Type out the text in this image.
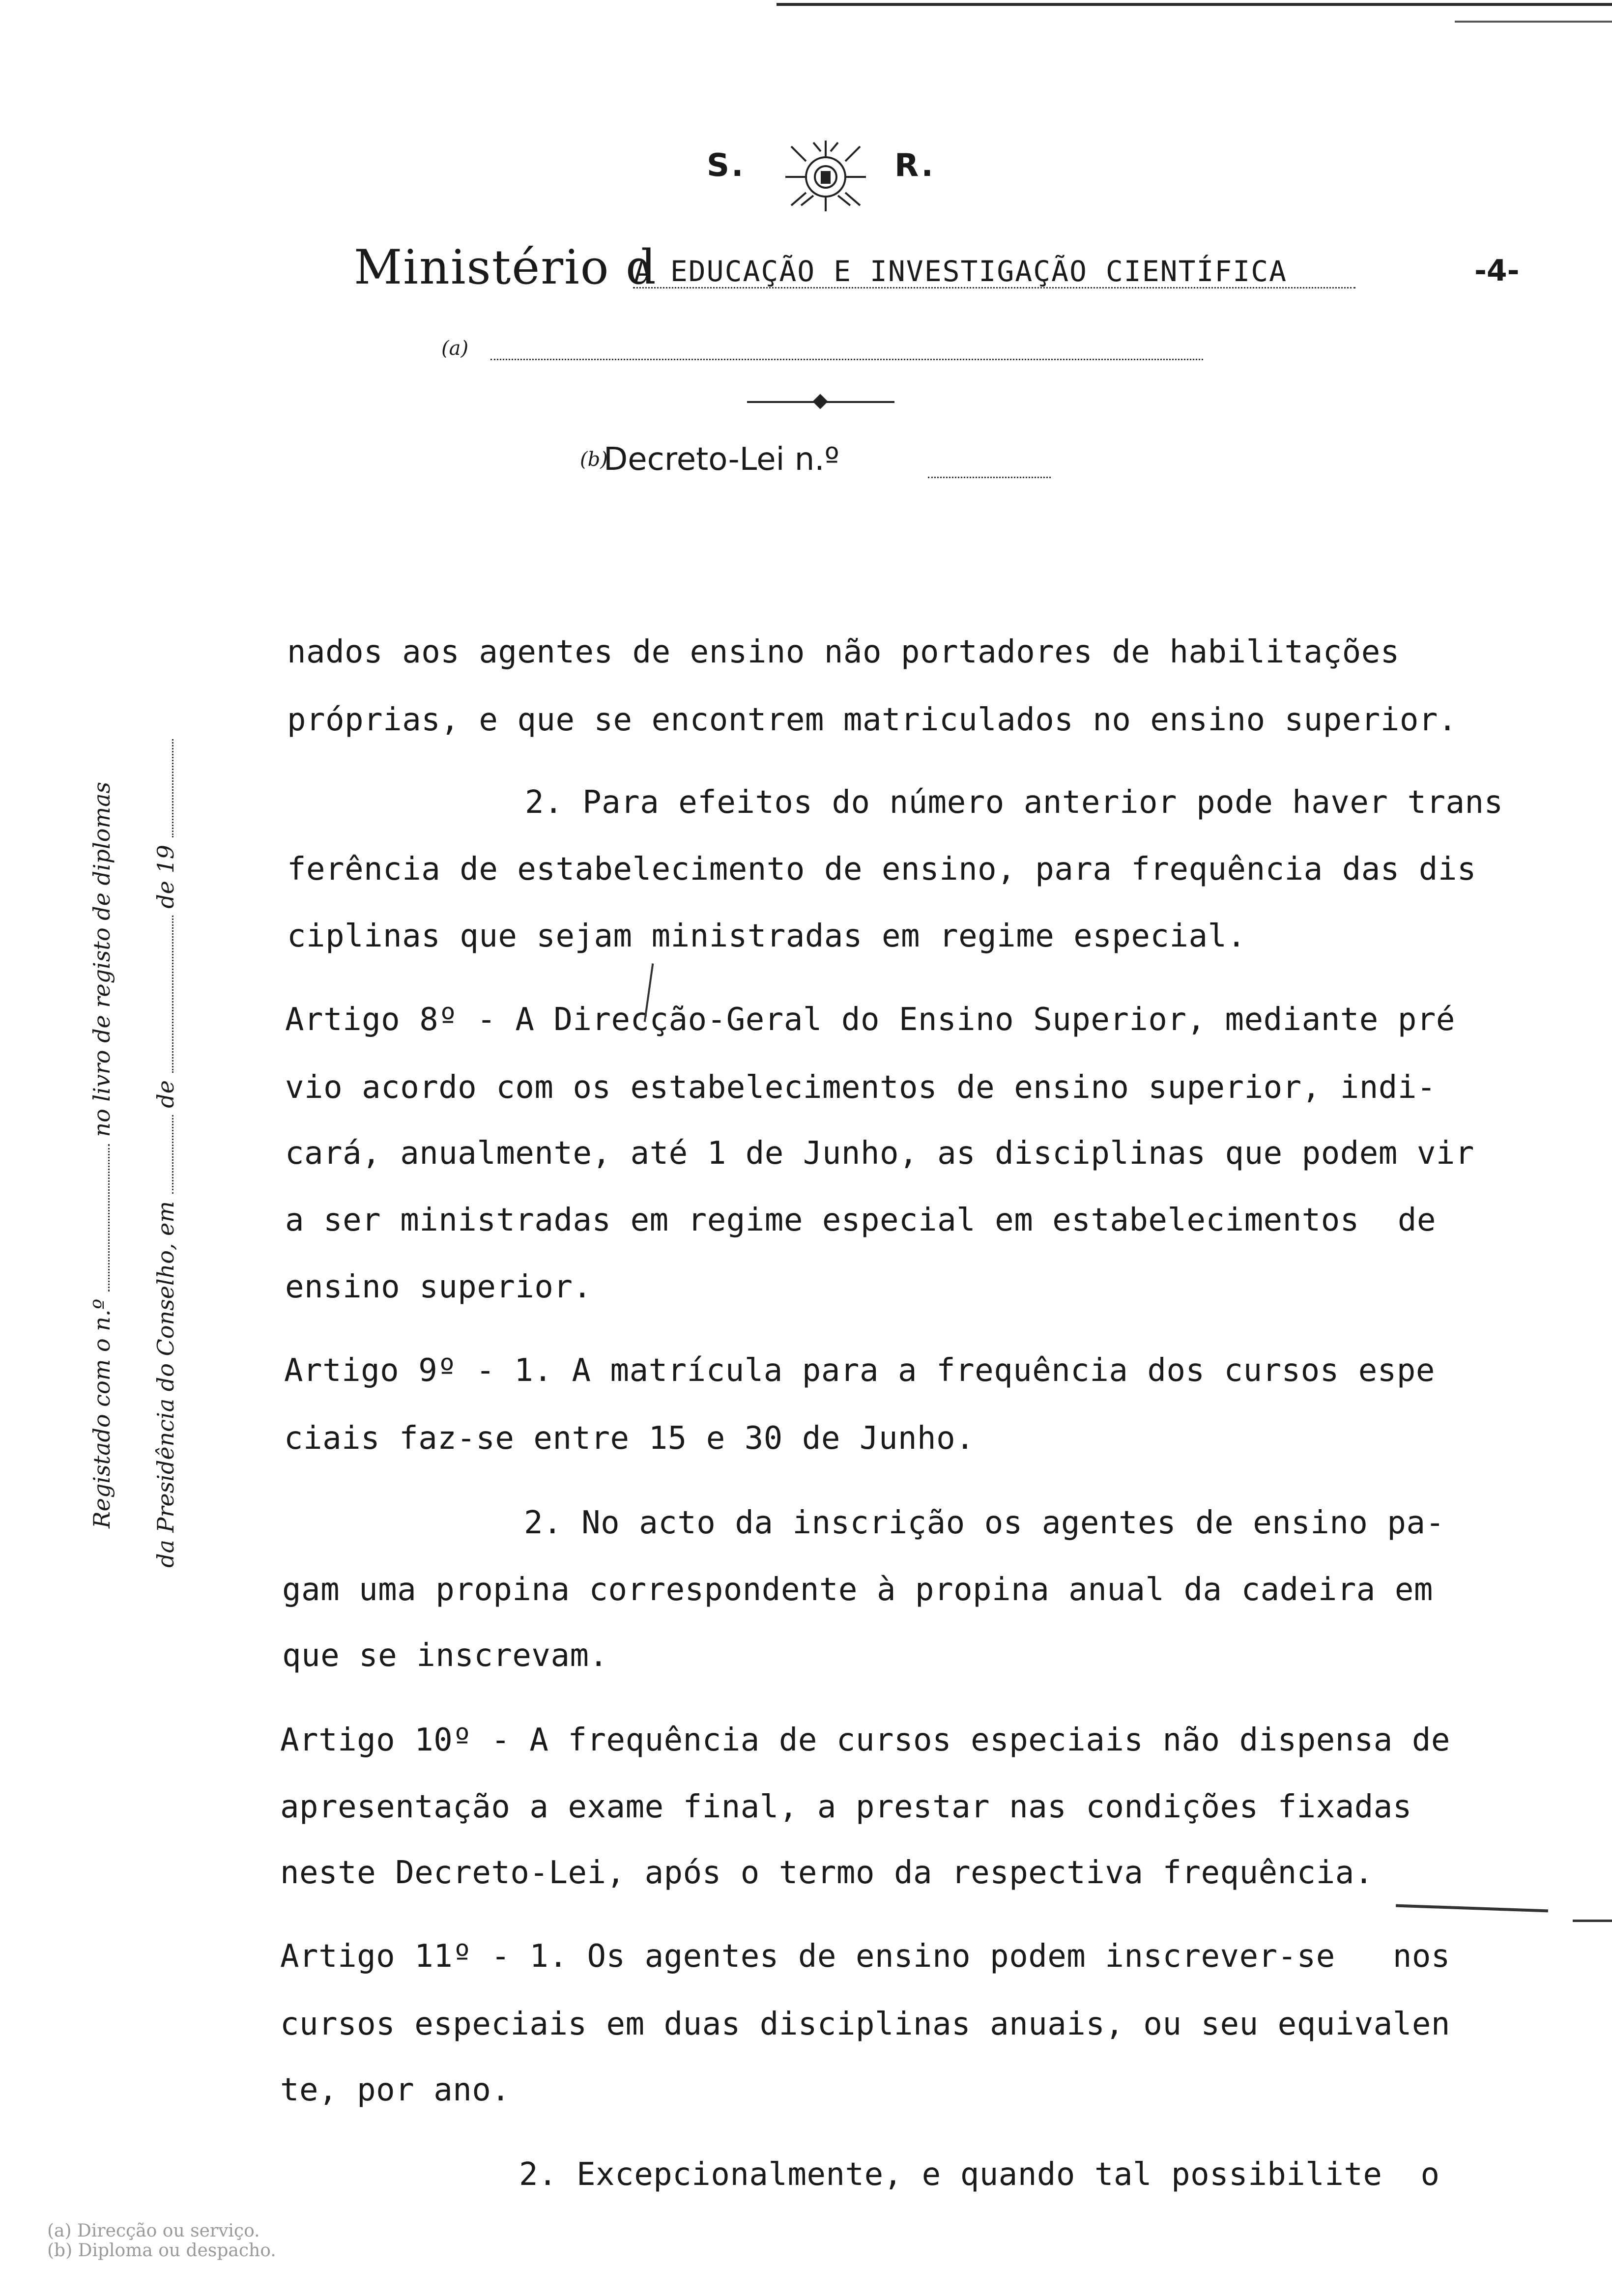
S.	R.
Ministério d
A EDUCAÇÃO E INVESTIGAÇÃO CIENTÍFICA	-4-
(a)
(b)
Decreto-Lei n.º
Registado com o n.º  no livro de registo de diplomas
da Presidência do Conselho, em  de  de 19
nados aos agentes de ensino não portadores de habilitações
próprias, e que se encontrem matriculados no ensino superior.
2. Para efeitos do número anterior pode haver trans
ferência de estabelecimento de ensino, para frequência das dis
ciplinas que sejam ministradas em regime especial.
Artigo 8º - A Direcção-Geral do Ensino Superior, mediante pré
vio acordo com os estabelecimentos de ensino superior, indi-
cará, anualmente, até 1 de Junho, as disciplinas que podem vir
a ser ministradas em regime especial em estabelecimentos  de
ensino superior.
Artigo 9º - 1. A matrícula para a frequência dos cursos espe
ciais faz-se entre 15 e 30 de Junho.
2. No acto da inscrição os agentes de ensino pa-
gam uma propina correspondente à propina anual da cadeira em
que se inscrevam.
Artigo 10º - A frequência de cursos especiais não dispensa de
apresentação a exame final, a prestar nas condições fixadas
neste Decreto-Lei, após o termo da respectiva frequência.
Artigo 11º - 1. Os agentes de ensino podem inscrever-se   nos
cursos especiais em duas disciplinas anuais, ou seu equivalen
te, por ano.
2. Excepcionalmente, e quando tal possibilite  o
(a) Direcção ou serviço.
(b) Diploma ou despacho.
